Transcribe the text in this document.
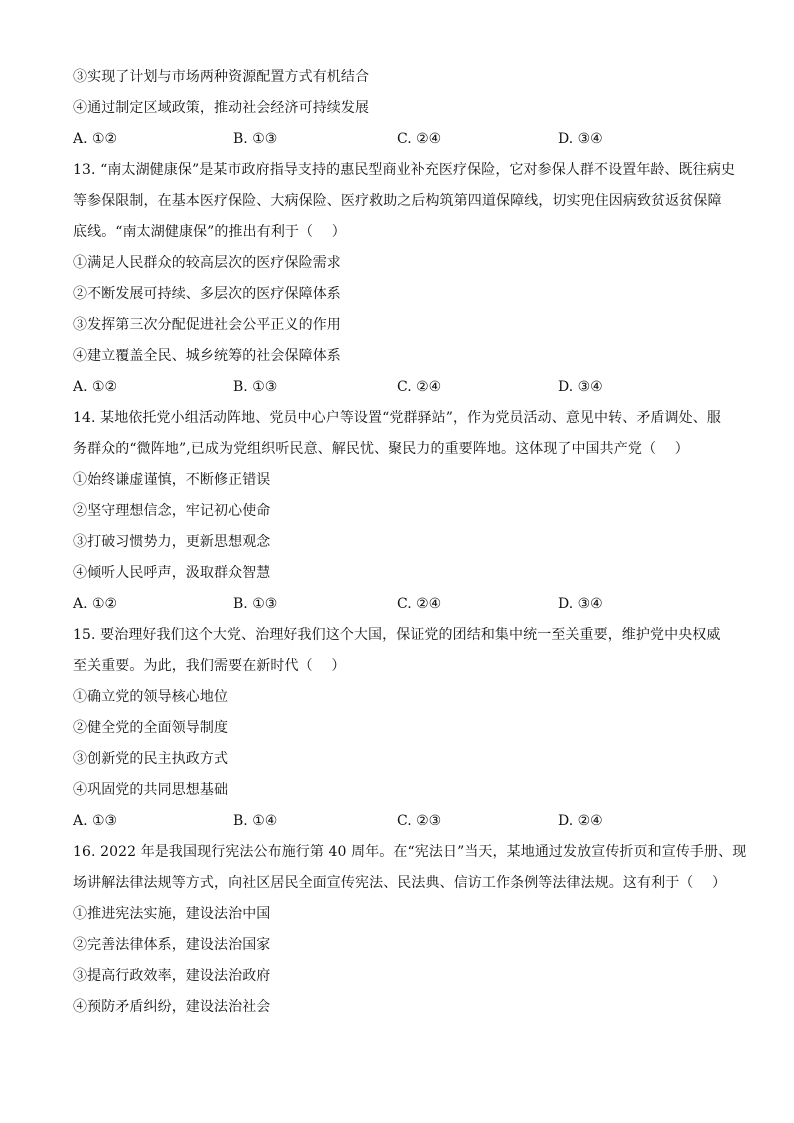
③实现了计划与市场两种资源配置方式有机结合
④通过制定区域政策，推动社会经济可持续发展
A. ①②	B. ①③	C. ②④	D. ③④
13. “南太湖健康保”是某市政府指导支持的惠民型商业补充医疗保险，它对参保人群不设置年龄、既往病史
等参保限制，在基本医疗保险、大病保险、医疗救助之后构筑第四道保障线，切实兜住因病致贫返贫保障
底线。“南太湖健康保”的推出有利于（　 ）
①满足人民群众的较高层次的医疗保险需求
②不断发展可持续、多层次的医疗保障体系
③发挥第三次分配促进社会公平正义的作用
④建立覆盖全民、城乡统筹的社会保障体系
A. ①②	B. ①③	C. ②④	D. ③④
14. 某地依托党小组活动阵地、党员中心户等设置“党群驿站”，作为党员活动、意见中转、矛盾调处、服
务群众的“微阵地”,已成为党组织听民意、解民忧、聚民力的重要阵地。这体现了中国共产党（　 ）
①始终谦虚谨慎，不断修正错误
②坚守理想信念，牢记初心使命
③打破习惯势力，更新思想观念
④倾听人民呼声，汲取群众智慧
A. ①②	B. ①③	C. ②④	D. ③④
15. 要治理好我们这个大党、治理好我们这个大国，保证党的团结和集中统一至关重要，维护党中央权威
至关重要。为此，我们需要在新时代（　 ）
①确立党的领导核心地位
②健全党的全面领导制度
③创新党的民主执政方式
④巩固党的共同思想基础
A. ①③	B. ①④	C. ②③	D. ②④
16. 2022 年是我国现行宪法公布施行第 40 周年。在“宪法日”当天，某地通过发放宣传折页和宣传手册、现
场讲解法律法规等方式，向社区居民全面宣传宪法、民法典、信访工作条例等法律法规。这有利于（　 ）
①推进宪法实施，建设法治中国
②完善法律体系，建设法治国家
③提高行政效率，建设法治政府
④预防矛盾纠纷，建设法治社会
